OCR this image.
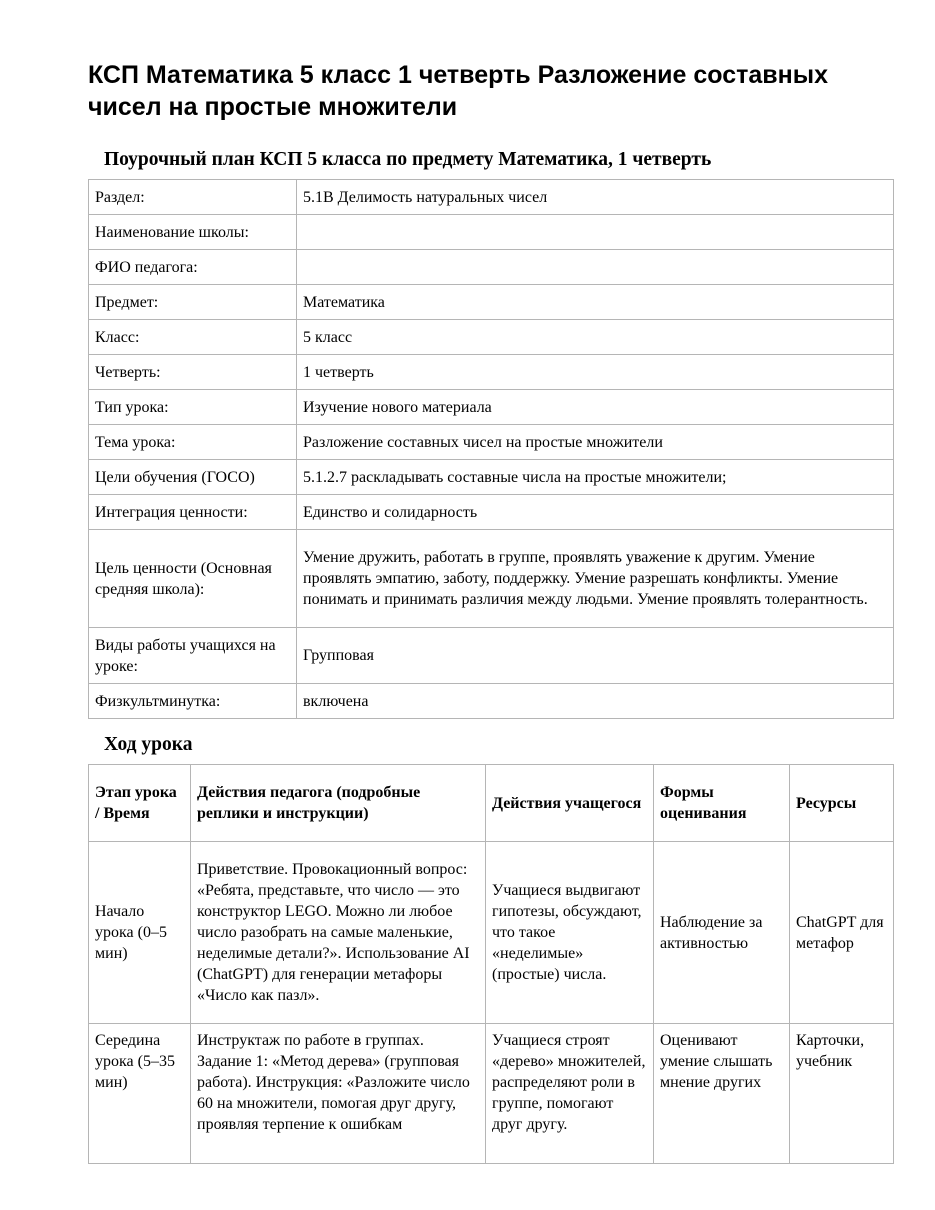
КСП Математика 5 класс 1 четверть Разложение составных чисел на простые множители
Поурочный план КСП 5 класса по предмету Математика, 1 четверть
Раздел:	5.1В Делимость натуральных чисел
Наименование школы:	
ФИО педагога:	
Предмет:	Математика
Класс:	5 класс
Четверть:	1 четверть
Тип урока:	Изучение нового материала
Тема урока:	Разложение составных чисел на простые множители
Цели обучения (ГОСО)	5.1.2.7 раскладывать составные числа на простые множители;
Интеграция ценности:	Единство и солидарность
Цель ценности (Основная средняя школа):	Умение дружить, работать в группе, проявлять уважение к другим. Умение проявлять эмпатию, заботу, поддержку. Умение разрешать конфликты. Умение понимать и принимать различия между людьми. Умение проявлять толерантность.
Виды работы учащихся на уроке:	Групповая
Физкультминутка:	включена
Ход урока
Этап урока / Время	Действия педагога (подробные реплики и инструкции)	Действия учащегося	Формы оценивания	Ресурсы
Начало урока (0–5 мин)	Приветствие. Провокационный вопрос: «Ребята, представьте, что число — это конструктор LEGO. Можно ли любое число разобрать на самые маленькие, неделимые детали?». Использование AI (ChatGPT) для генерации метафоры «Число как пазл».	Учащиеся выдвигают гипотезы, обсуждают, что такое «неделимые» (простые) числа.	Наблюдение за активностью	ChatGPT для метафор
Середина урока (5–35 мин)	Инструктаж по работе в группах. Задание 1: «Метод дерева» (групповая работа). Инструкция: «Разложите число 60 на множители, помогая друг другу, проявляя терпение к ошибкам	Учащиеся строят «дерево» множителей, распределяют роли в группе, помогают друг другу.	Оценивают умение слышать мнение других	Карточки, учебник
